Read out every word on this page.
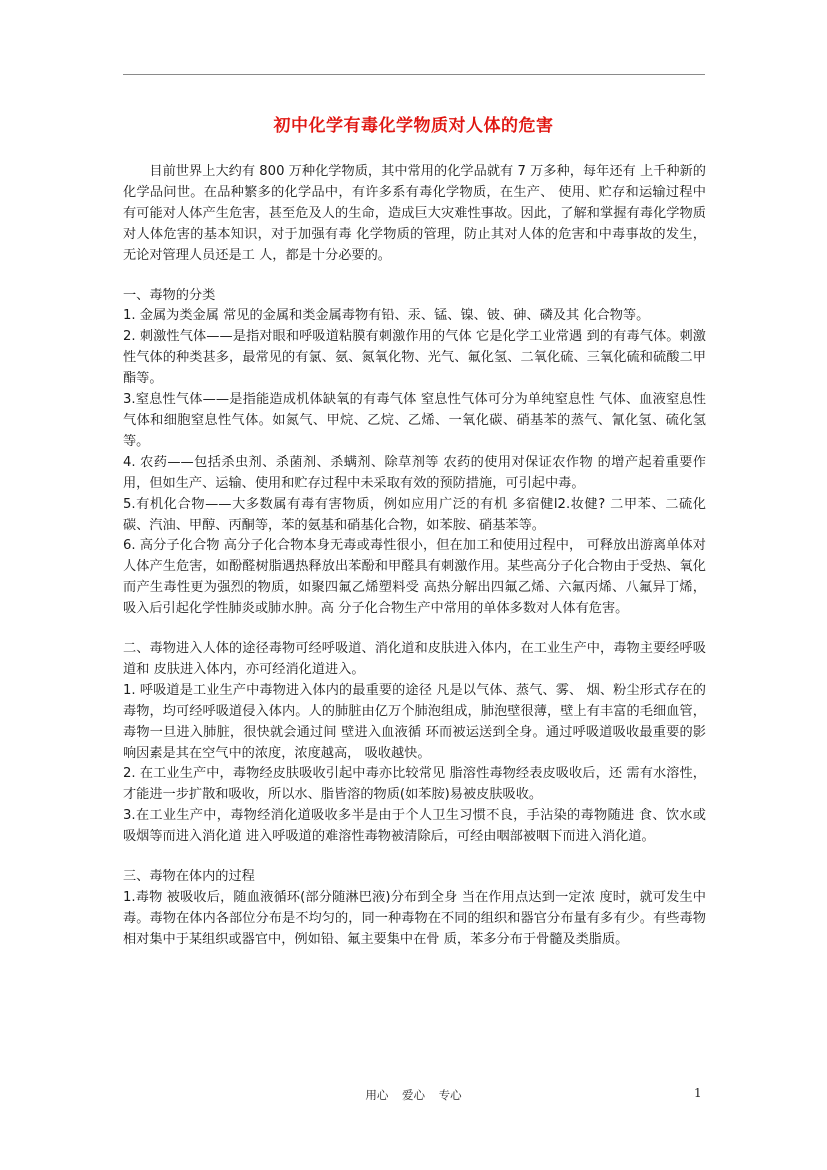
初中化学有毒化学物质对人体的危害

目前世界上大约有 800 万种化学物质，其中常用的化学品就有 7 万多种，每年还有 上千种新的化学品问世。在品种繁多的化学品中，有许多系有毒化学物质，在生产、 使用、贮存和运输过程中有可能对人体产生危害，甚至危及人的生命，造成巨大灾难性事故。因此，了解和掌握有毒化学物质对人体危害的基本知识，对于加强有毒 化学物质的管理，防止其对人体的危害和中毒事故的发生，无论对管理人员还是工 人，都是十分必要的。

一、毒物的分类

1. 金属为类金属 常见的金属和类金属毒物有铅、汞、锰、镍、铍、砷、磷及其 化合物等。

2. 刺激性气体——是指对眼和呼吸道粘膜有刺激作用的气体 它是化学工业常遇 到的有毒气体。刺激性气体的种类甚多，最常见的有氯、氨、氮氧化物、光气、氟化氢、二氧化硫、三氧化硫和硫酸二甲酯等。

3.窒息性气体——是指能造成机体缺氧的有毒气体 窒息性气体可分为单纯窒息性 气体、血液窒息性气体和细胞窒息性气体。如氮气、甲烷、乙烷、乙烯、一氧化碳、硝基苯的蒸气、氰化氢、硫化氢等。

4. 农药——包括杀虫剂、杀菌剂、杀螨剂、除草剂等 农药的使用对保证农作物 的增产起着重要作用，但如生产、运输、使用和贮存过程中未采取有效的预防措施，可引起中毒。

5.有机化合物——大多数属有毒有害物质，例如应用广泛的有机 多宿健l2.妆健? 二甲苯、二硫化碳、汽油、甲醇、丙酮等，苯的氨基和硝基化合物，如苯胺、硝基苯等。

6. 高分子化合物 高分子化合物本身无毒或毒性很小，但在加工和使用过程中， 可释放出游离单体对人体产生危害，如酚醛树脂遇热释放出苯酚和甲醛具有刺激作用。某些高分子化合物由于受热、氧化而产生毒性更为强烈的物质，如聚四氟乙烯塑料受 高热分解出四氟乙烯、六氟丙烯、八氟异丁烯，吸入后引起化学性肺炎或肺水肿。高 分子化合物生产中常用的单体多数对人体有危害。

二、毒物进入人体的途径毒物可经呼吸道、消化道和皮肤进入体内，在工业生产中，毒物主要经呼吸道和 皮肤进入体内，亦可经消化道进入。

1. 呼吸道是工业生产中毒物进入体内的最重要的途径 凡是以气体、蒸气、雾、 烟、粉尘形式存在的毒物，均可经呼吸道侵入体内。人的肺脏由亿万个肺泡组成，肺泡壁很薄，壁上有丰富的毛细血管，毒物一旦进入肺脏，很快就会通过间 壁进入血液循 环而被运送到全身。通过呼吸道吸收最重要的影响因素是其在空气中的浓度，浓度越高， 吸收越快。

2. 在工业生产中，毒物经皮肤吸收引起中毒亦比较常见 脂溶性毒物经表皮吸收后，还 需有水溶性，才能进一步扩散和吸收，所以水、脂皆溶的物质(如苯胺)易被皮肤吸收。

3.在工业生产中，毒物经消化道吸收多半是由于个人卫生习惯不良，手沾染的毒物随进 食、饮水或吸烟等而进入消化道 进入呼吸道的难溶性毒物被清除后，可经由咽部被咽下而进入消化道。

三、毒物在体内的过程

1.毒物 被吸收后，随血液循环(部分随淋巴液)分布到全身 当在作用点达到一定浓 度时，就可发生中毒。毒物在体内各部位分布是不均匀的，同一种毒物在不同的组织和器官分布量有多有少。有些毒物相对集中于某组织或器官中，例如铅、氟主要集中在骨 质，苯多分布于骨髓及类脂质。

用心 爱心 专心	1
